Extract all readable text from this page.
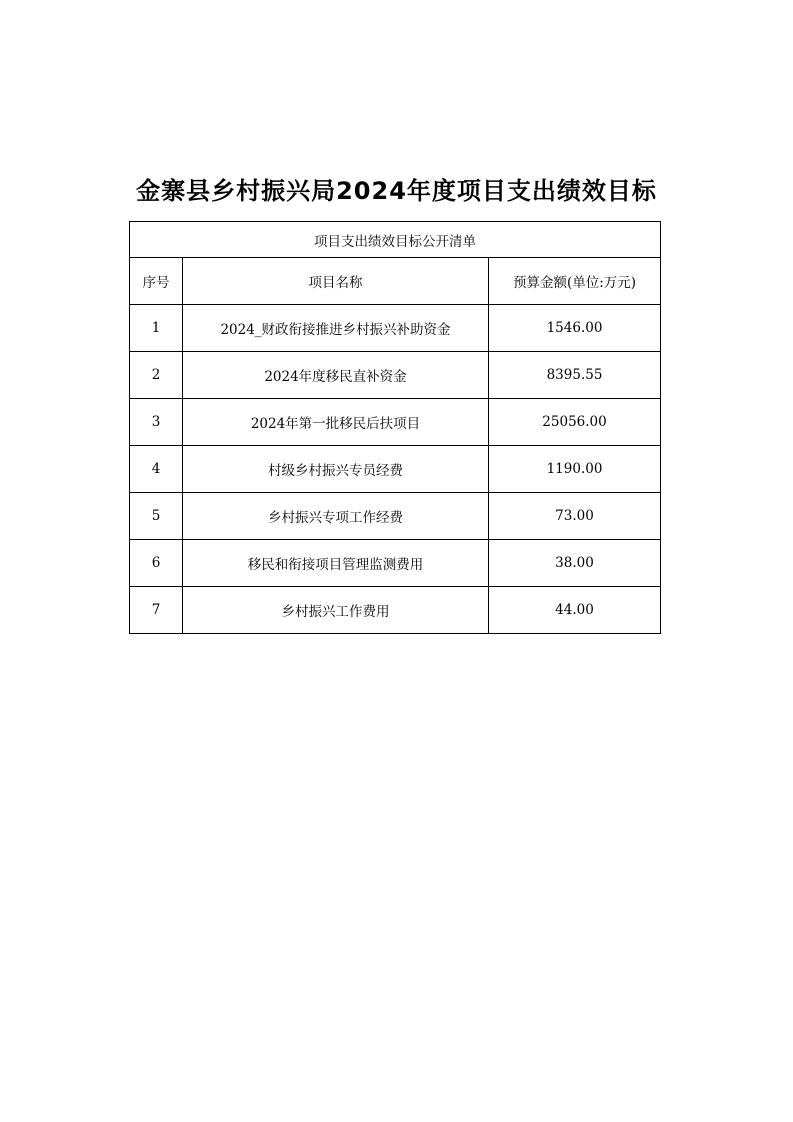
金寨县乡村振兴局2024年度项目支出绩效目标
项目支出绩效目标公开清单		
序号	项目名称	预算金额(单位:万元)
1	2024_财政衔接推进乡村振兴补助资金	1546.00
2	2024年度移民直补资金	8395.55
3	2024年第一批移民后扶项目	25056.00
4	村级乡村振兴专员经费	1190.00
5	乡村振兴专项工作经费	73.00
6	移民和衔接项目管理监测费用	38.00
7	乡村振兴工作费用	44.00
